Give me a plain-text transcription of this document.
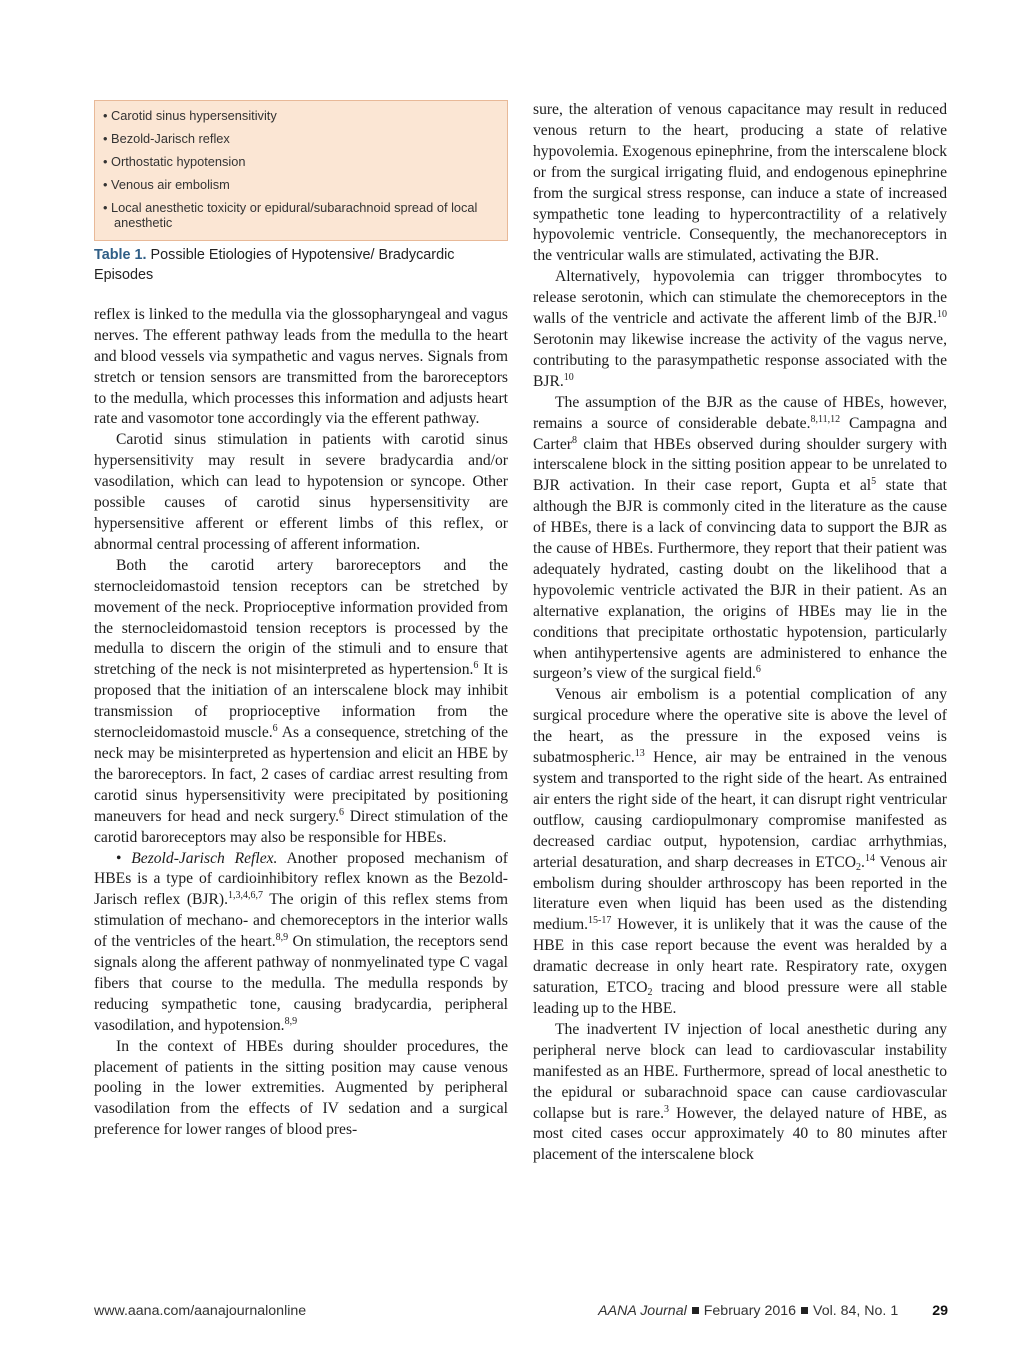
• Carotid sinus hypersensitivity
• Bezold-Jarisch reflex
• Orthostatic hypotension
• Venous air embolism
• Local anesthetic toxicity or epidural/subarachnoid spread of local anesthetic
Table 1. Possible Etiologies of Hypotensive/ Bradycardic Episodes

reflex is linked to the medulla via the glossopharyngeal and vagus nerves. The efferent pathway leads from the medulla to the heart and blood vessels via sympathetic and vagus nerves. Signals from stretch or tension sensors are transmitted from the baroreceptors to the medulla, which processes this information and adjusts heart rate and vasomotor tone accordingly via the efferent pathway.

Carotid sinus stimulation in patients with carotid sinus hypersensitivity may result in severe bradycardia and/or vasodilation, which can lead to hypotension or syncope. Other possible causes of carotid sinus hypersensitivity are hypersensitive afferent or efferent limbs of this reflex, or abnormal central processing of afferent information.

Both the carotid artery baroreceptors and the sternocleidomastoid tension receptors can be stretched by movement of the neck. Proprioceptive information provided from the sternocleidomastoid tension receptors is processed by the medulla to discern the origin of the stimuli and to ensure that stretching of the neck is not misinterpreted as hypertension.$^6$ It is proposed that the initiation of an interscalene block may inhibit transmission of proprioceptive information from the sternocleidomastoid muscle.$^6$ As a consequence, stretching of the neck may be misinterpreted as hypertension and elicit an HBE by the baroreceptors. In fact, 2 cases of cardiac arrest resulting from carotid sinus hypersensitivity were precipitated by positioning maneuvers for head and neck surgery.$^6$ Direct stimulation of the carotid baroreceptors may also be responsible for HBEs.

• Bezold-Jarisch Reflex. Another proposed mechanism of HBEs is a type of cardioinhibitory reflex known as the Bezold-Jarisch reflex (BJR).$^{1,3,4,6,7}$ The origin of this reflex stems from stimulation of mechano- and chemoreceptors in the interior walls of the ventricles of the heart.$^{8,9}$ On stimulation, the receptors send signals along the afferent pathway of nonmyelinated type C vagal fibers that course to the medulla. The medulla responds by reducing sympathetic tone, causing bradycardia, peripheral vasodilation, and hypotension.$^{8,9}$

In the context of HBEs during shoulder procedures, the placement of patients in the sitting position may cause venous pooling in the lower extremities. Augmented by peripheral vasodilation from the effects of IV sedation and a surgical preference for lower ranges of blood pres-

sure, the alteration of venous capacitance may result in reduced venous return to the heart, producing a state of relative hypovolemia. Exogenous epinephrine, from the interscalene block or from the surgical irrigating fluid, and endogenous epinephrine from the surgical stress response, can induce a state of increased sympathetic tone leading to hypercontractility of a relatively hypovolemic ventricle. Consequently, the mechanoreceptors in the ventricular walls are stimulated, activating the BJR.

Alternatively, hypovolemia can trigger thrombocytes to release serotonin, which can stimulate the chemoreceptors in the walls of the ventricle and activate the afferent limb of the BJR.$^{10}$ Serotonin may likewise increase the activity of the vagus nerve, contributing to the parasympathetic response associated with the BJR.$^{10}$

The assumption of the BJR as the cause of HBEs, however, remains a source of considerable debate.$^{8,11,12}$ Campagna and Carter$^8$ claim that HBEs observed during shoulder surgery with interscalene block in the sitting position appear to be unrelated to BJR activation. In their case report, Gupta et $al^5$ state that although the BJR is commonly cited in the literature as the cause of HBEs, there is a lack of convincing data to support the BJR as the cause of HBEs. Furthermore, they report that their patient was adequately hydrated, casting doubt on the likelihood that a hypovolemic ventricle activated the BJR in their patient. As an alternative explanation, the origins of HBEs may lie in the conditions that precipitate orthostatic hypotension, particularly when antihypertensive agents are administered to enhance the surgeon’s view of the surgical field.$^6$

Venous air embolism is a potential complication of any surgical procedure where the operative site is above the level of the heart, as the pressure in the exposed veins is subatmospheric.$^{13}$ Hence, air may be entrained in the venous system and transported to the right side of the heart. As entrained air enters the right side of the heart, it can disrupt right ventricular outflow, causing cardiopulmonary compromise manifested as decreased cardiac output, hypotension, cardiac arrhythmias, arterial desaturation, and sharp decreases in $ETCO_2.^{14}$ Venous air embolism during shoulder arthroscopy has been reported in the literature even when liquid has been used as the distending medium.$^{15-17}$ However, it is unlikely that it was the cause of the HBE in this case report because the event was heralded by a dramatic decrease in only heart rate. Respiratory rate, oxygen saturation, $ETCO_2$ tracing and blood pressure were all stable leading up to the HBE.

The inadvertent IV injection of local anesthetic during any peripheral nerve block can lead to cardiovascular instability manifested as an HBE. Furthermore, spread of local anesthetic to the epidural or subarachnoid space can cause cardiovascular collapse but is rare.$^3$ However, the delayed nature of HBE, as most cited cases occur approximately 40 to 80 minutes after placement of the interscalene block

www.aana.com/aanajournalonline	AANA Journal February 2016 Vol. 84, No. 1 29
